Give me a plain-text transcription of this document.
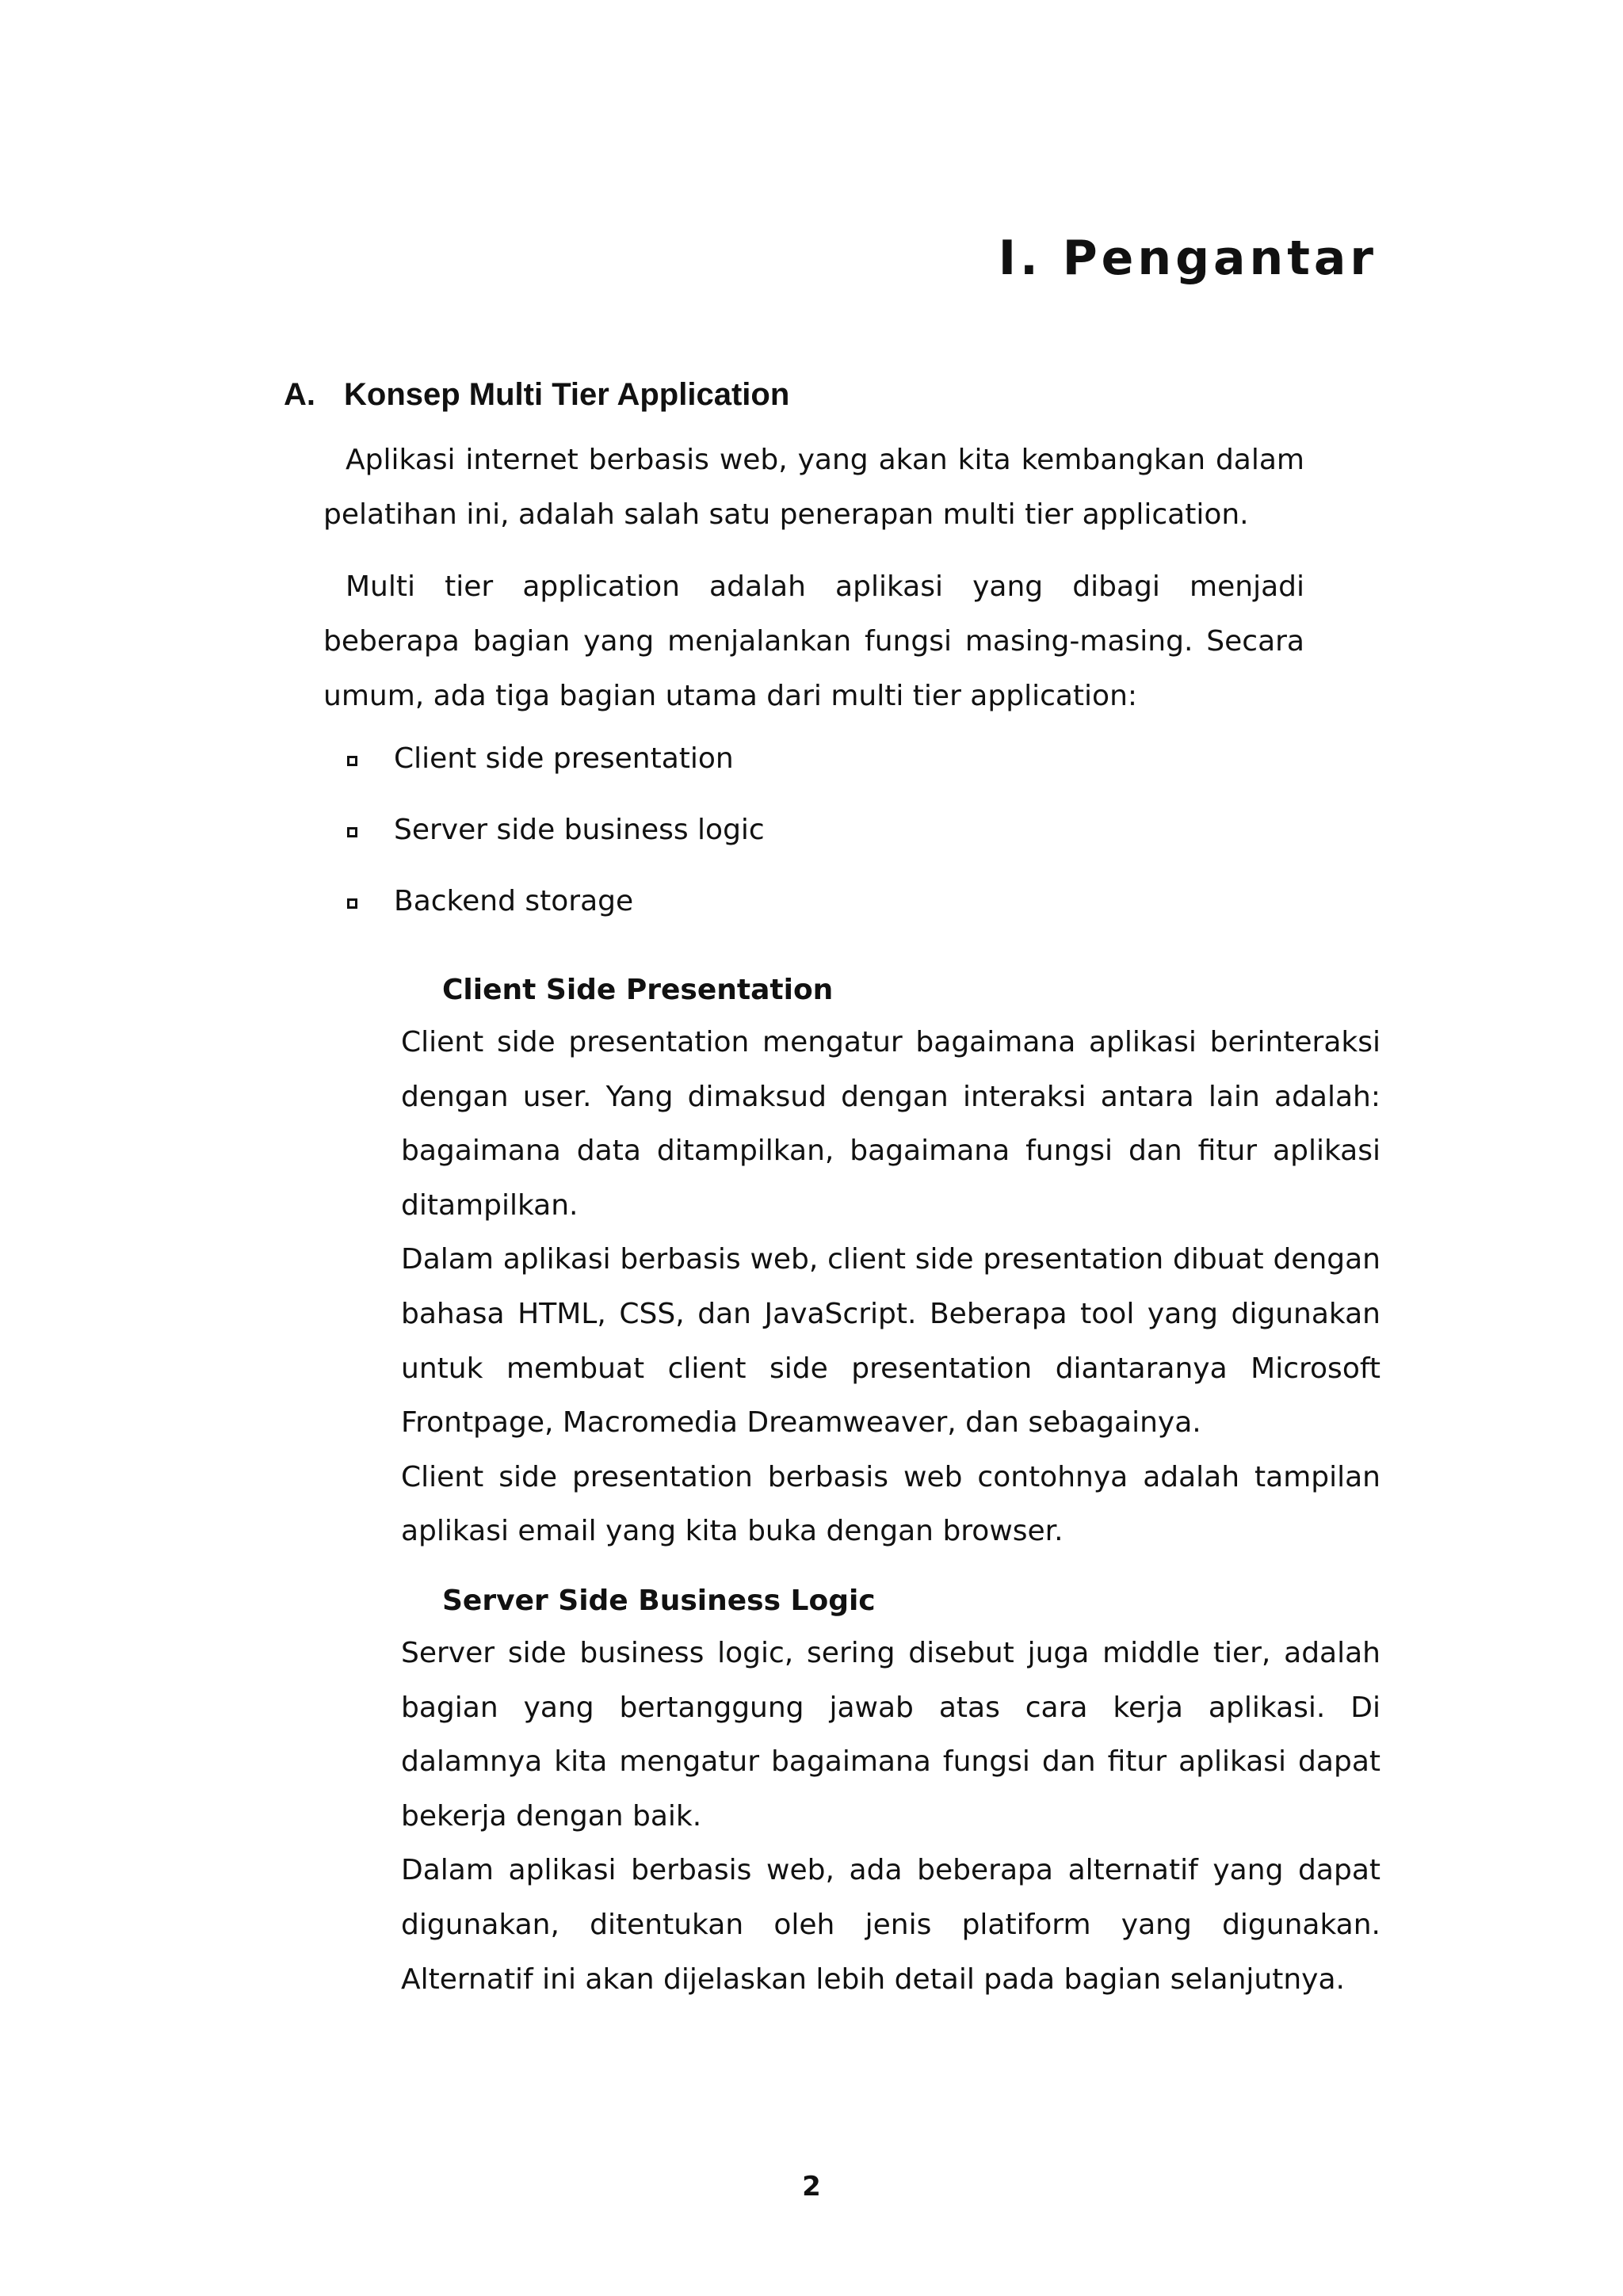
I. Pengantar
A. Konsep Multi Tier Application

Aplikasi internet berbasis web, yang akan kita kembangkan dalam pelatihan ini, adalah salah satu penerapan multi tier application.

Multi tier application adalah aplikasi yang dibagi menjadi beberapa bagian yang menjalankan fungsi masing-masing. Secara umum, ada tiga bagian utama dari multi tier application:

Client side presentation
Server side business logic
Backend storage
Client Side Presentation

Client side presentation mengatur bagaimana aplikasi berinteraksi dengan user. Yang dimaksud dengan interaksi antara lain adalah: bagaimana data ditampilkan, bagaimana fungsi dan fitur aplikasi ditampilkan.

Dalam aplikasi berbasis web, client side presentation dibuat dengan bahasa HTML, CSS, dan JavaScript. Beberapa tool yang digunakan untuk membuat client side presentation diantaranya Microsoft Frontpage, Macromedia Dreamweaver, dan sebagainya.

Client side presentation berbasis web contohnya adalah tampilan aplikasi email yang kita buka dengan browser.

Server Side Business Logic

Server side business logic, sering disebut juga middle tier, adalah bagian yang bertanggung jawab atas cara kerja aplikasi. Di dalamnya kita mengatur bagaimana fungsi dan fitur aplikasi dapat bekerja dengan baik.

Dalam aplikasi berbasis web, ada beberapa alternatif yang dapat digunakan, ditentukan oleh jenis platiform yang digunakan. Alternatif ini akan dijelaskan lebih detail pada bagian selanjutnya.

2
